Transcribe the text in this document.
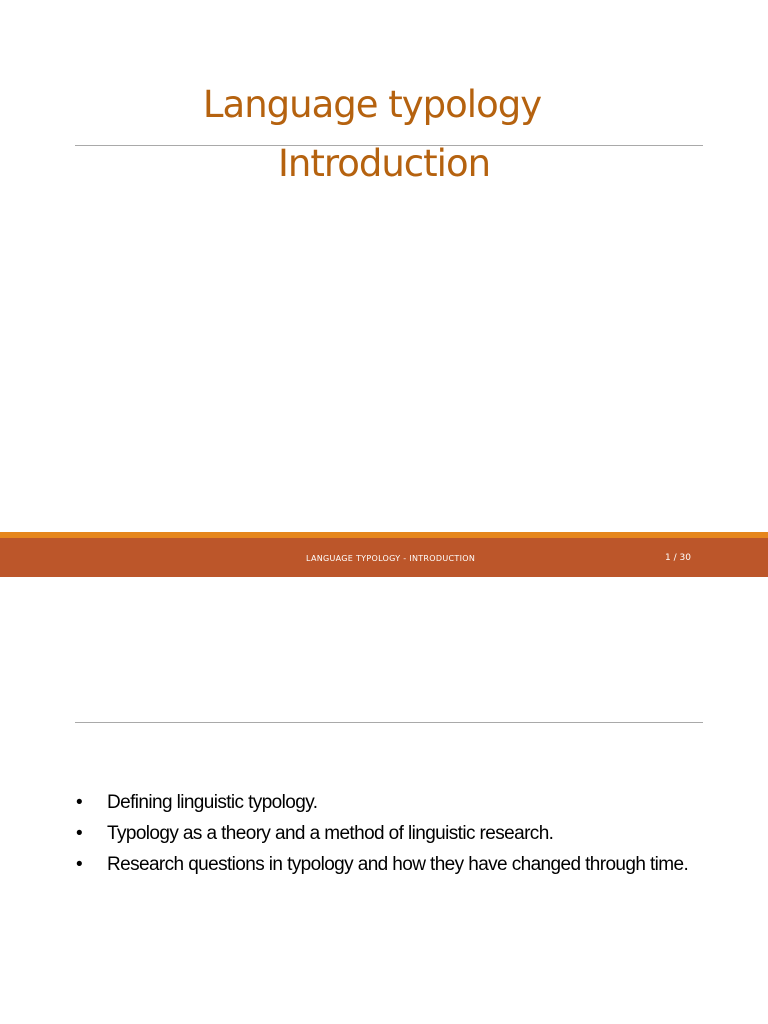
Language typology
Introduction
LANGUAGE TYPOLOGY - INTRODUCTION	1 / 30
• Defining linguistic typology.
• Typology as a theory and a method of linguistic research.
• Research questions in typology and how they have changed through time.
